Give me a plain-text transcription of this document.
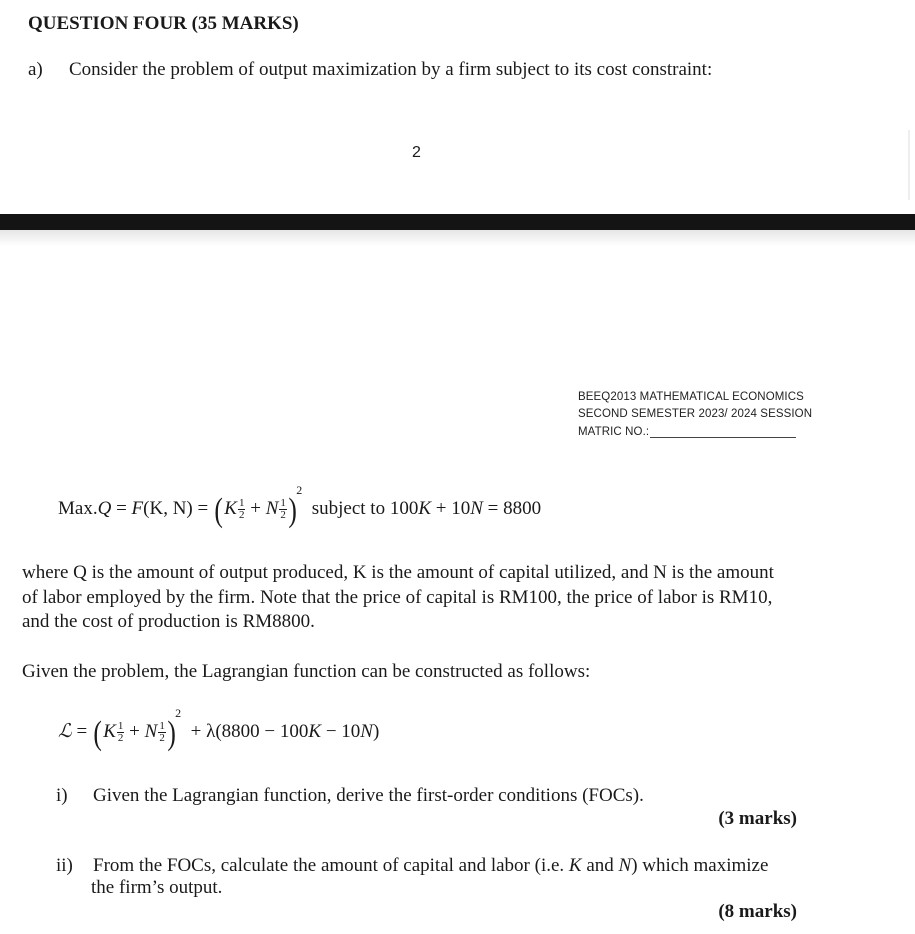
QUESTION FOUR (35 MARKS)
a) Consider the problem of output maximization by a firm subject to its cost constraint:
2
BEEQ2013 MATHEMATICAL ECONOMICS
SECOND SEMESTER 2023/ 2024 SESSION
MATRIC NO.:
Max.Q = F(K, $N) = (K \frac{1}{2} + N \frac{1}{2} )^2$  subject to 100K + 10N = 8800
where Q is the amount of output produced, K is the amount of capital utilized, and N is the amount
of labor employed by the firm. Note that the price of capital is RM100, the price of labor is RM10,
and the cost of production is RM8800.
Given the problem, the Lagrangian function can be constructed as follows:
ℒ = $(K \frac{1}{2} + N \frac{1}{2} )^2 + \lambda(8800 - 100K - 10N)$
i) Given the Lagrangian function, derive the first-order conditions (FOCs).
(3 marks)
ii) From the FOCs, calculate the amount of capital and labor (i.e. K and N) which maximize
the firm’s output.
(8 marks)
